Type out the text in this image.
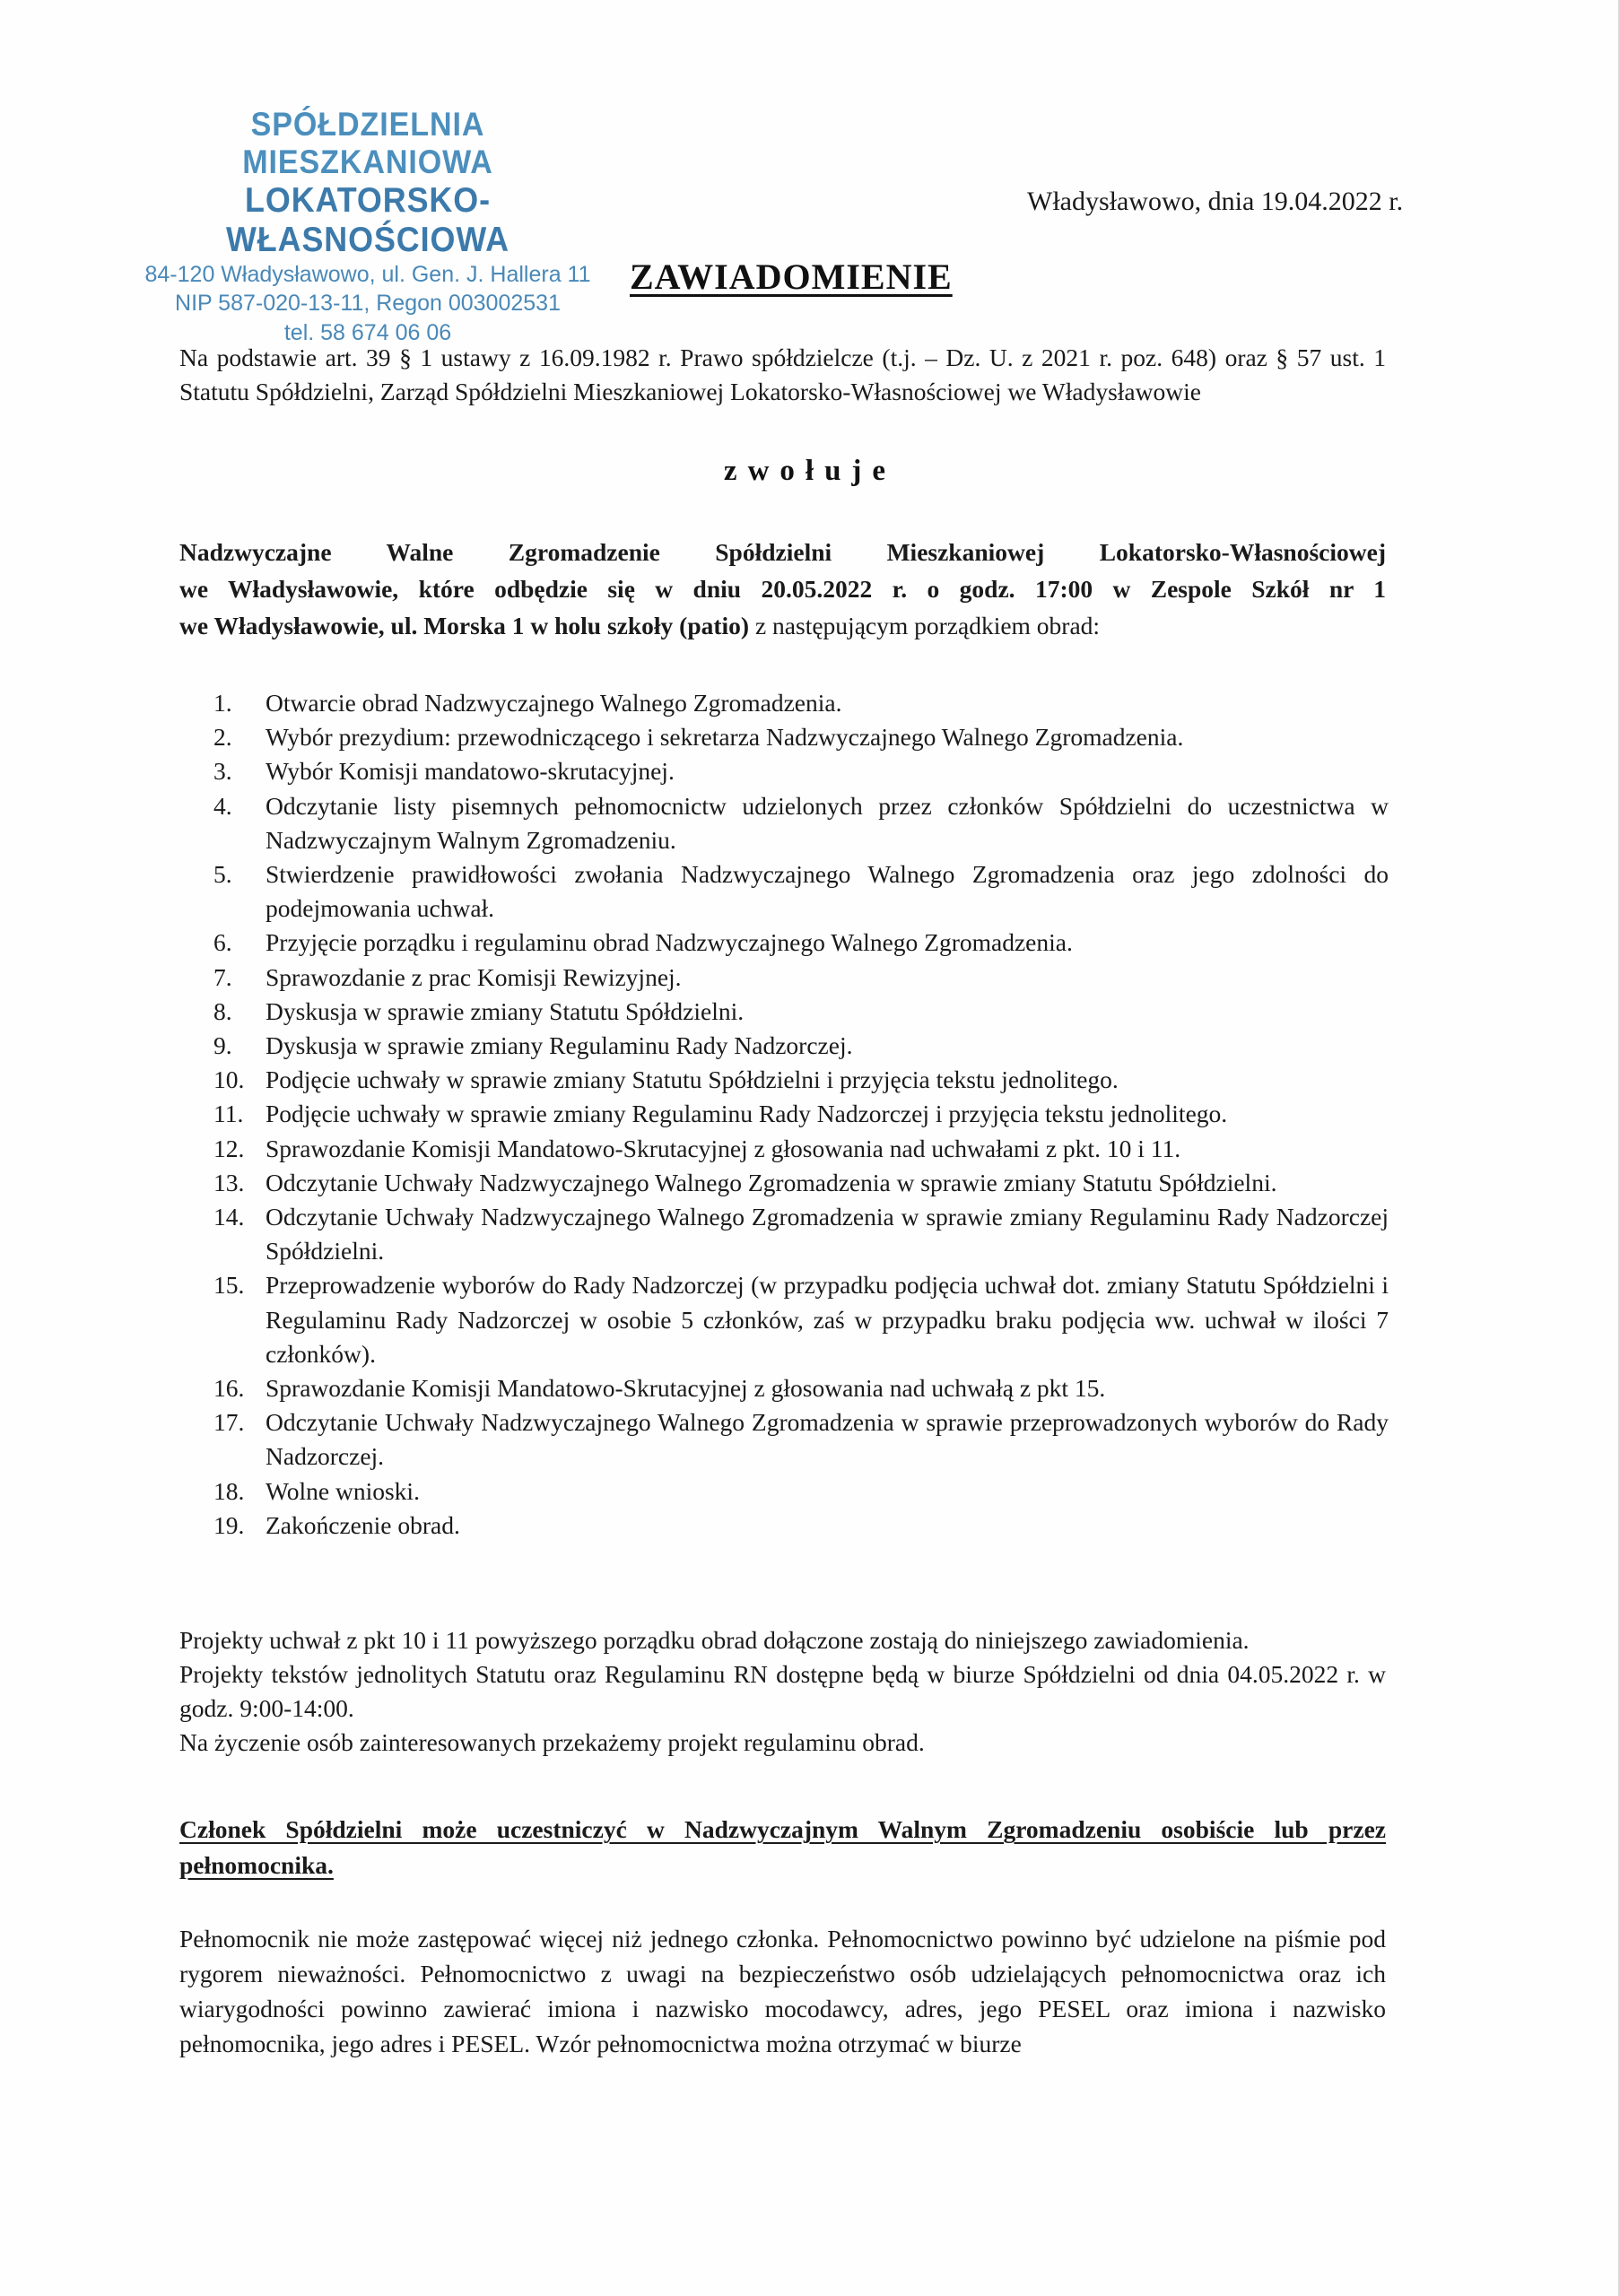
SPÓŁDZIELNIA MIESZKANIOWA
LOKATORSKO-WŁASNOŚCIOWA
84-120 Władysławowo, ul. Gen. J. Hallera 11
NIP 587-020-13-11, Regon 003002531
tel. 58 674 06 06
Władysławowo, dnia 19.04.2022 r.
ZAWIADOMIENIE
Na podstawie art. 39 § 1 ustawy z 16.09.1982 r. Prawo spółdzielcze (t.j. – Dz. U. z 2021 r. poz. 648) oraz § 57 ust. 1 Statutu Spółdzielni, Zarząd Spółdzielni Mieszkaniowej Lokatorsko-Własnościowej we Władysławowie
zwołuje
Nadzwyczajne Walne Zgromadzenie Spółdzielni Mieszkaniowej Lokatorsko-Własnościowej
we Władysławowie, które odbędzie się w dniu 20.05.2022 r. o godz. 17:00 w Zespole Szkół nr 1
we Władysławowie, ul. Morska 1 w holu szkoły (patio) z następującym porządkiem obrad:
1.	Otwarcie obrad Nadzwyczajnego Walnego Zgromadzenia.
2.	Wybór prezydium: przewodniczącego i sekretarza Nadzwyczajnego Walnego Zgromadzenia.
3.	Wybór Komisji mandatowo-skrutacyjnej.
4.	Odczytanie listy pisemnych pełnomocnictw udzielonych przez członków Spółdzielni do uczestnictwa w Nadzwyczajnym Walnym Zgromadzeniu.
5.	Stwierdzenie prawidłowości zwołania Nadzwyczajnego Walnego Zgromadzenia oraz jego zdolności do podejmowania uchwał.
6.	Przyjęcie porządku i regulaminu obrad Nadzwyczajnego Walnego Zgromadzenia.
7.	Sprawozdanie z prac Komisji Rewizyjnej.
8.	Dyskusja w sprawie zmiany Statutu Spółdzielni.
9.	Dyskusja w sprawie zmiany Regulaminu Rady Nadzorczej.
10. Podjęcie uchwały w sprawie zmiany Statutu Spółdzielni i przyjęcia tekstu jednolitego.
11. Podjęcie uchwały w sprawie zmiany Regulaminu Rady Nadzorczej i przyjęcia tekstu jednolitego.
12. Sprawozdanie Komisji Mandatowo-Skrutacyjnej z głosowania nad uchwałami z pkt. 10 i 11.
13. Odczytanie Uchwały Nadzwyczajnego Walnego Zgromadzenia w sprawie zmiany Statutu Spółdzielni.
14. Odczytanie Uchwały Nadzwyczajnego Walnego Zgromadzenia w sprawie zmiany Regulaminu Rady Nadzorczej Spółdzielni.
15. Przeprowadzenie wyborów do Rady Nadzorczej (w przypadku podjęcia uchwał dot. zmiany Statutu Spółdzielni i Regulaminu Rady Nadzorczej w osobie 5 członków, zaś w przypadku braku podjęcia ww. uchwał w ilości 7 członków).
16. Sprawozdanie Komisji Mandatowo-Skrutacyjnej z głosowania nad uchwałą z pkt 15.
17. Odczytanie Uchwały Nadzwyczajnego Walnego Zgromadzenia w sprawie przeprowadzonych wyborów do Rady Nadzorczej.
18. Wolne wnioski.
19. Zakończenie obrad.

Projekty uchwał z pkt 10 i 11 powyższego porządku obrad dołączone zostają do niniejszego zawiadomienia.

Projekty tekstów jednolitych Statutu oraz Regulaminu RN dostępne będą w biurze Spółdzielni od dnia 04.05.2022 r. w godz. 9:00-14:00.

Na życzenie osób zainteresowanych przekażemy projekt regulaminu obrad.

Członek Spółdzielni może uczestniczyć w Nadzwyczajnym Walnym Zgromadzeniu osobiście lub przez pełnomocnika.
Pełnomocnik nie może zastępować więcej niż jednego członka. Pełnomocnictwo powinno być udzielone na piśmie pod rygorem nieważności. Pełnomocnictwo z uwagi na bezpieczeństwo osób udzielających pełnomocnictwa oraz ich wiarygodności powinno zawierać imiona i nazwisko mocodawcy, adres, jego PESEL oraz imiona i nazwisko pełnomocnika, jego adres i PESEL. Wzór pełnomocnictwa można otrzymać w biurze
